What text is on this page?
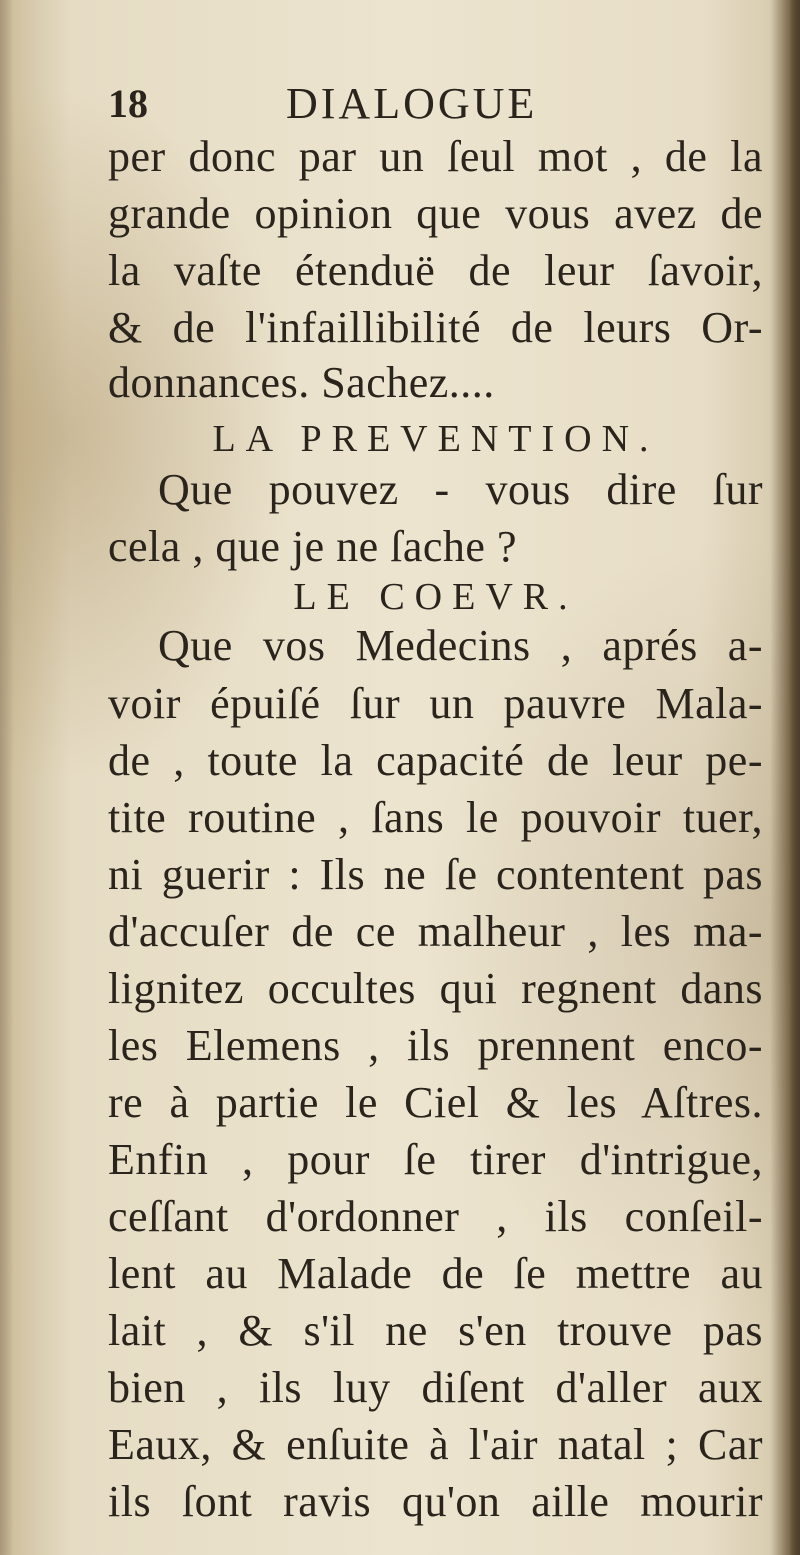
18	DIALOGUE
per donc par un ſeul mot , de la
grande opinion que vous avez de
la vaſte étenduë de leur ſavoir,
& de l'infaillibilité de leurs Or-
donnances. Sachez....
LA PREVENTION.
Que pouvez - vous dire ſur
cela , que je ne ſache ?
LE COEVR.
Que vos Medecins , aprés a-
voir épuiſé ſur un pauvre Mala-
de , toute la capacité de leur pe-
tite routine , ſans le pouvoir tuer,
ni guerir : Ils ne ſe contentent pas
d'accuſer de ce malheur , les ma-
lignitez occultes qui regnent dans
les Elemens , ils prennent enco-
re à partie le Ciel & les Aſtres.
Enfin , pour ſe tirer d'intrigue,
ceſſant d'ordonner , ils conſeil-
lent au Malade de ſe mettre au
lait , & s'il ne s'en trouve pas
bien , ils luy diſent d'aller aux
Eaux, & enſuite à l'air natal ; Car
ils ſont ravis qu'on aille mourir
